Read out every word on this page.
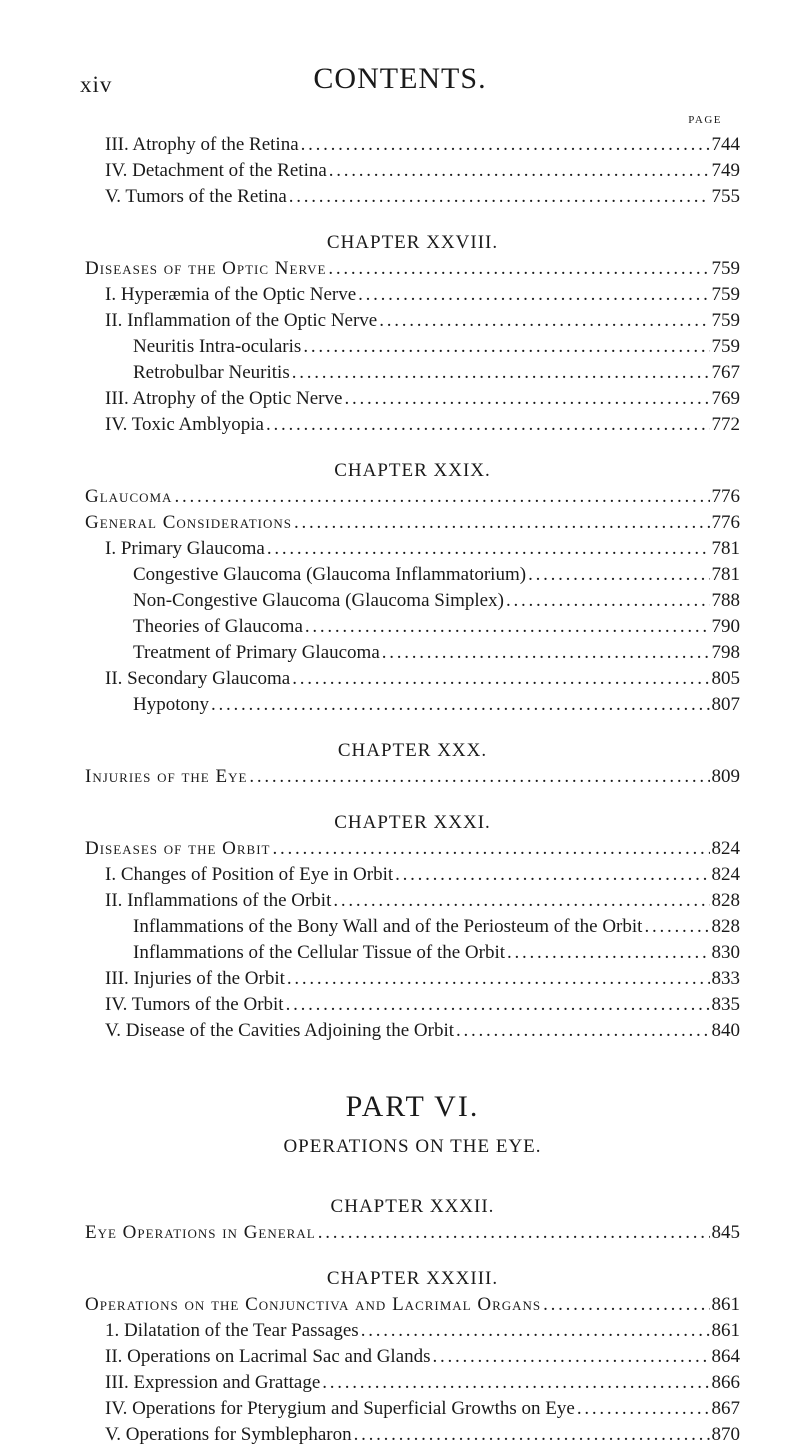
xiv	CONTENTS.
PAGE
III. Atrophy of the Retina . . .	744
IV. Detachment of the Retina . . .	749
V. Tumors of the Retina . . .	755
CHAPTER XXVIII.
Diseases of the Optic Nerve . . .	759
I. Hyperæmia of the Optic Nerve . . .	759
II. Inflammation of the Optic Nerve . . .	759
Neuritis Intra-ocularis . . .	759
Retrobulbar Neuritis . . .	767
III. Atrophy of the Optic Nerve . . .	769
IV. Toxic Amblyopia . . .	772
CHAPTER XXIX.
Glaucoma . . .	776
General Considerations . . .	776
I. Primary Glaucoma . . .	781
Congestive Glaucoma (Glaucoma Inflammatorium) . . .	781
Non-Congestive Glaucoma (Glaucoma Simplex) . . .	788
Theories of Glaucoma . . .	790
Treatment of Primary Glaucoma . . .	798
II. Secondary Glaucoma . . .	805
Hypotony . . .	807
CHAPTER XXX.
Injuries of the Eye . . .	809
CHAPTER XXXI.
Diseases of the Orbit . . .	824
I. Changes of Position of Eye in Orbit . . .	824
II. Inflammations of the Orbit . . .	828
Inflammations of the Bony Wall and of the Periosteum of the Orbit . . .	828
Inflammations of the Cellular Tissue of the Orbit . . .	830
III. Injuries of the Orbit . . .	833
IV. Tumors of the Orbit . . .	835
V. Disease of the Cavities Adjoining the Orbit . . .	840
PART VI.
OPERATIONS ON THE EYE.
CHAPTER XXXII.
Eye Operations in General . . .	845
CHAPTER XXXIII.
Operations on the Conjunctiva and Lacrimal Organs . . .	861
1. Dilatation of the Tear Passages . . .	861
II. Operations on Lacrimal Sac and Glands . . .	864
III. Expression and Grattage . . .	866
IV. Operations for Pterygium and Superficial Growths on Eye . . .	867
V. Operations for Symblepharon . . .	870
